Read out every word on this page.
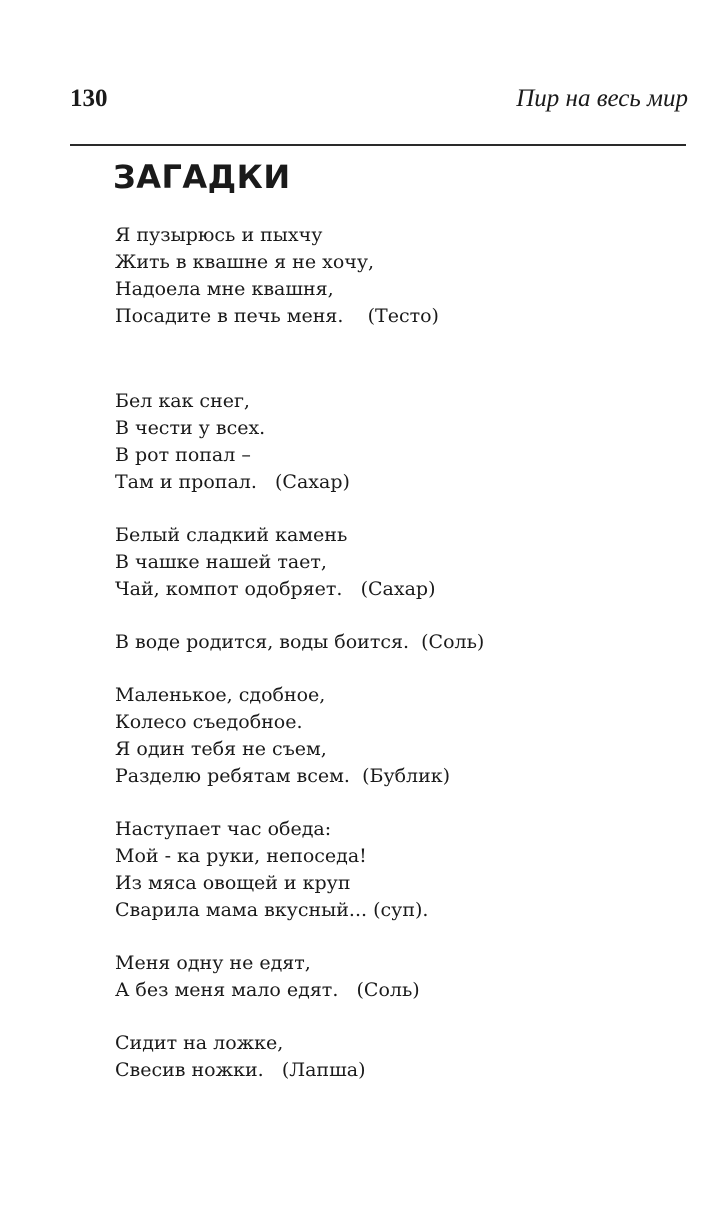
130	Пир на весь мир
ЗАГАДКИ
Я пузырюсь и пыхчу
Жить в квашне я не хочу,
Надоела мне квашня,
Посадите в печь меня. (Тесто)
Бел как снег,
В чести у всех.
В рот попал –
Там и пропал. (Сахар)
Белый сладкий камень
В чашке нашей тает,
Чай, компот одобряет. (Сахар)
В воде родится, воды боится. (Соль)
Маленькое, сдобное,
Колесо съедобное.
Я один тебя не съем,
Разделю ребятам всем. (Бублик)
Наступает час обеда:
Мой - ка руки, непоседа!
Из мяса овощей и круп
Сварила мама вкусный... (суп).
Меня одну не едят,
А без меня мало едят. (Соль)
Сидит на ложке,
Свесив ножки. (Лапша)
